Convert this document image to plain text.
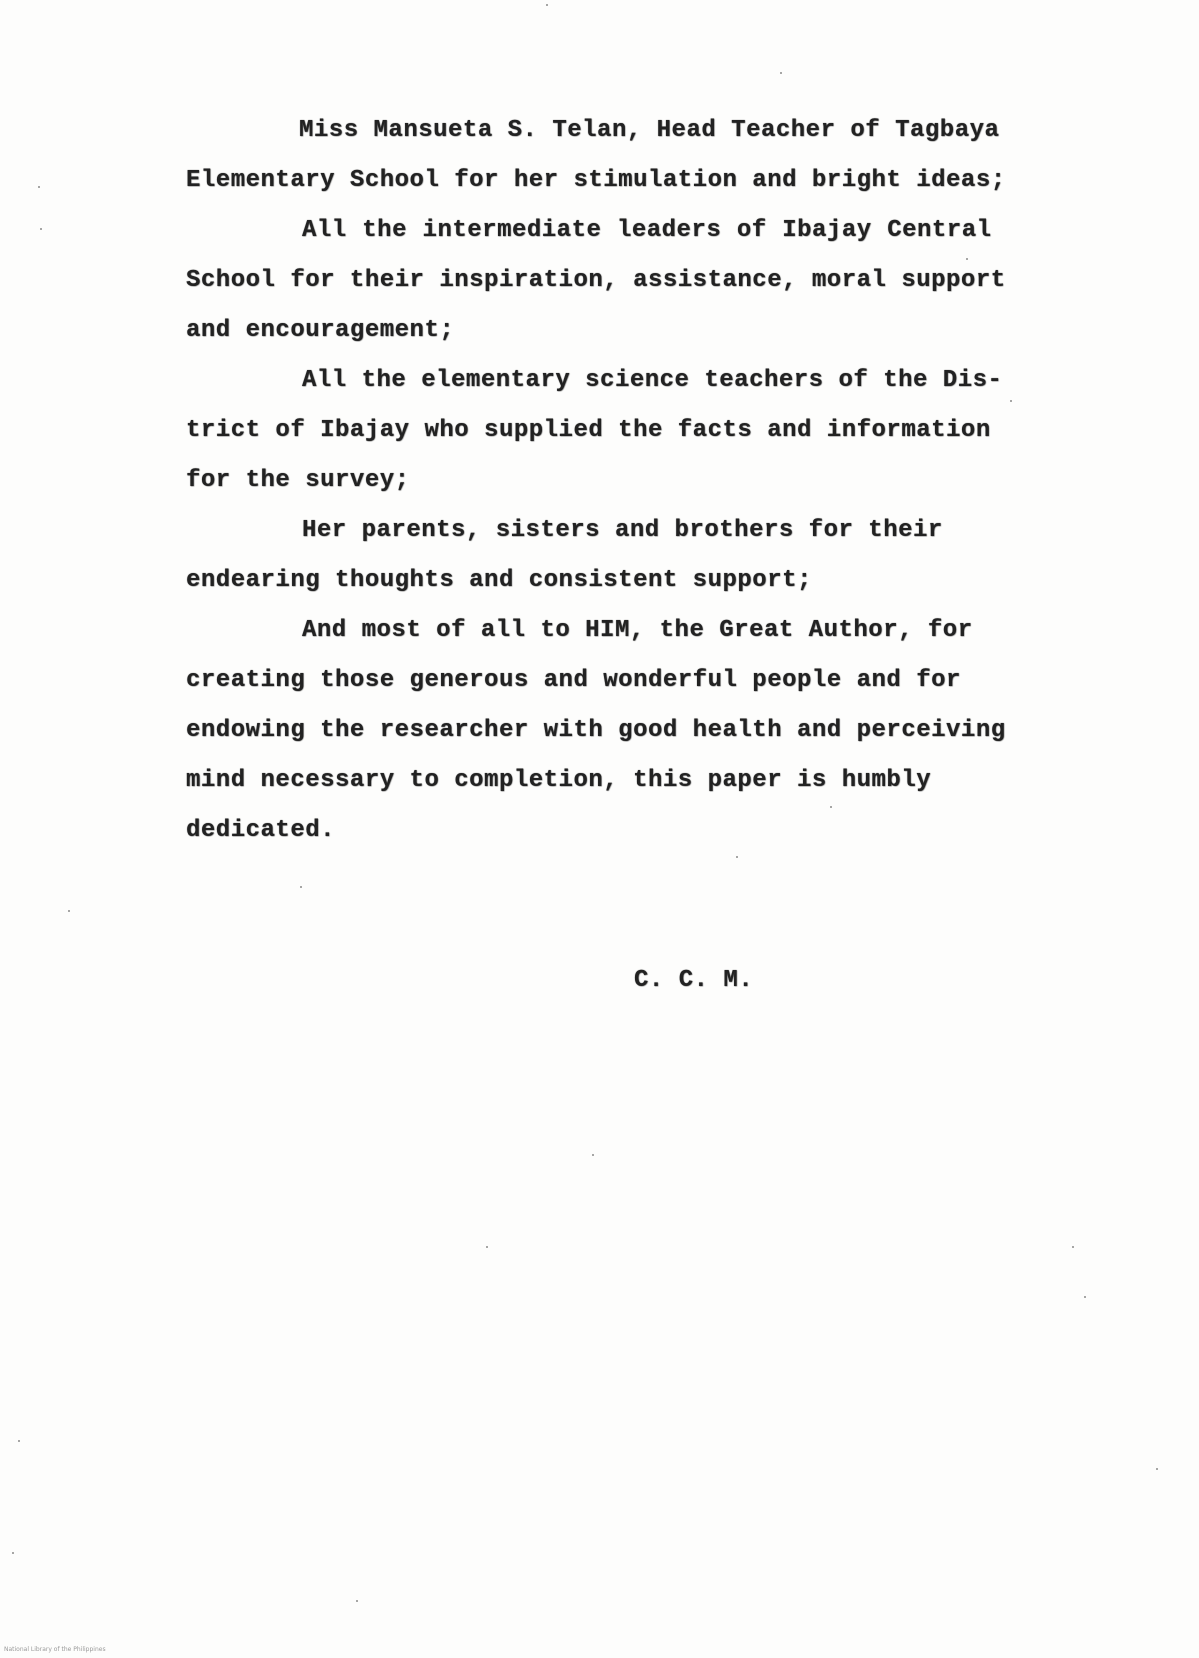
Miss Mansueta S. Telan, Head Teacher of Tagbaya
Elementary School for her stimulation and bright ideas;
All the intermediate leaders of Ibajay Central
School for their inspiration, assistance, moral support
and encouragement;
All the elementary science teachers of the Dis-
trict of Ibajay who supplied the facts and information
for the survey;
Her parents, sisters and brothers for their
endearing thoughts and consistent support;
And most of all to HIM, the Great Author, for
creating those generous and wonderful people and for
endowing the researcher with good health and perceiving
mind necessary to completion, this paper is humbly
dedicated.
C. C. M.
National Library of the Philippines
